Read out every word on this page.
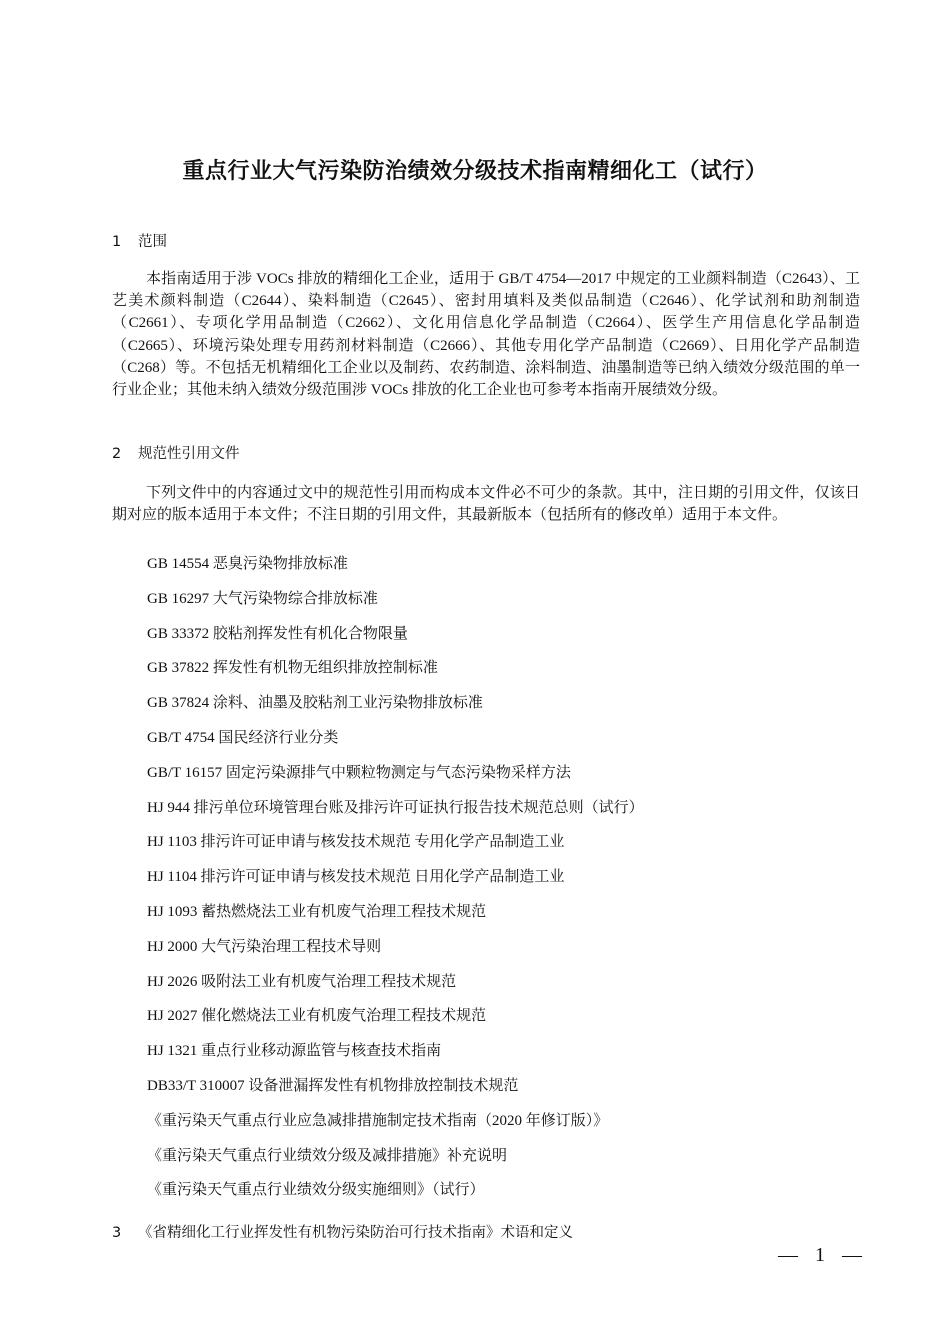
重点行业大气污染防治绩效分级技术指南精细化工（试行）
1 范围
本指南适用于涉 VOCs 排放的精细化工企业，适用于 GB/T 4754—2017 中规定的工业颜料制造（C2643）、工艺美术颜料制造（C2644）、染料制造（C2645）、密封用填料及类似品制造（C2646）、化学试剂和助剂制造（C2661）、专项化学用品制造（C2662）、文化用信息化学品制造（C2664）、医学生产用信息化学品制造（C2665）、环境污染处理专用药剂材料制造（C2666）、其他专用化学产品制造（C2669）、日用化学产品制造（C268）等。不包括无机精细化工企业以及制药、农药制造、涂料制造、油墨制造等已纳入绩效分级范围的单一行业企业；其他未纳入绩效分级范围涉 VOCs 排放的化工企业也可参考本指南开展绩效分级。
2 规范性引用文件
下列文件中的内容通过文中的规范性引用而构成本文件必不可少的条款。其中，注日期的引用文件，仅该日期对应的版本适用于本文件；不注日期的引用文件，其最新版本（包括所有的修改单）适用于本文件。
GB 14554 恶臭污染物排放标准
GB 16297 大气污染物综合排放标准
GB 33372 胶粘剂挥发性有机化合物限量
GB 37822 挥发性有机物无组织排放控制标准
GB 37824 涂料、油墨及胶粘剂工业污染物排放标准
GB/T 4754 国民经济行业分类
GB/T 16157 固定污染源排气中颗粒物测定与气态污染物采样方法
HJ 944 排污单位环境管理台账及排污许可证执行报告技术规范总则（试行）
HJ 1103 排污许可证申请与核发技术规范 专用化学产品制造工业
HJ 1104 排污许可证申请与核发技术规范 日用化学产品制造工业
HJ 1093 蓄热燃烧法工业有机废气治理工程技术规范
HJ 2000 大气污染治理工程技术导则
HJ 2026 吸附法工业有机废气治理工程技术规范
HJ 2027 催化燃烧法工业有机废气治理工程技术规范
HJ 1321 重点行业移动源监管与核查技术指南
DB33/T 310007 设备泄漏挥发性有机物排放控制技术规范
《重污染天气重点行业应急减排措施制定技术指南（2020 年修订版）》
《重污染天气重点行业绩效分级及减排措施》补充说明
《重污染天气重点行业绩效分级实施细则》（试行）
3 《省精细化工行业挥发性有机物污染防治可行技术指南》术语和定义
— 1 —
